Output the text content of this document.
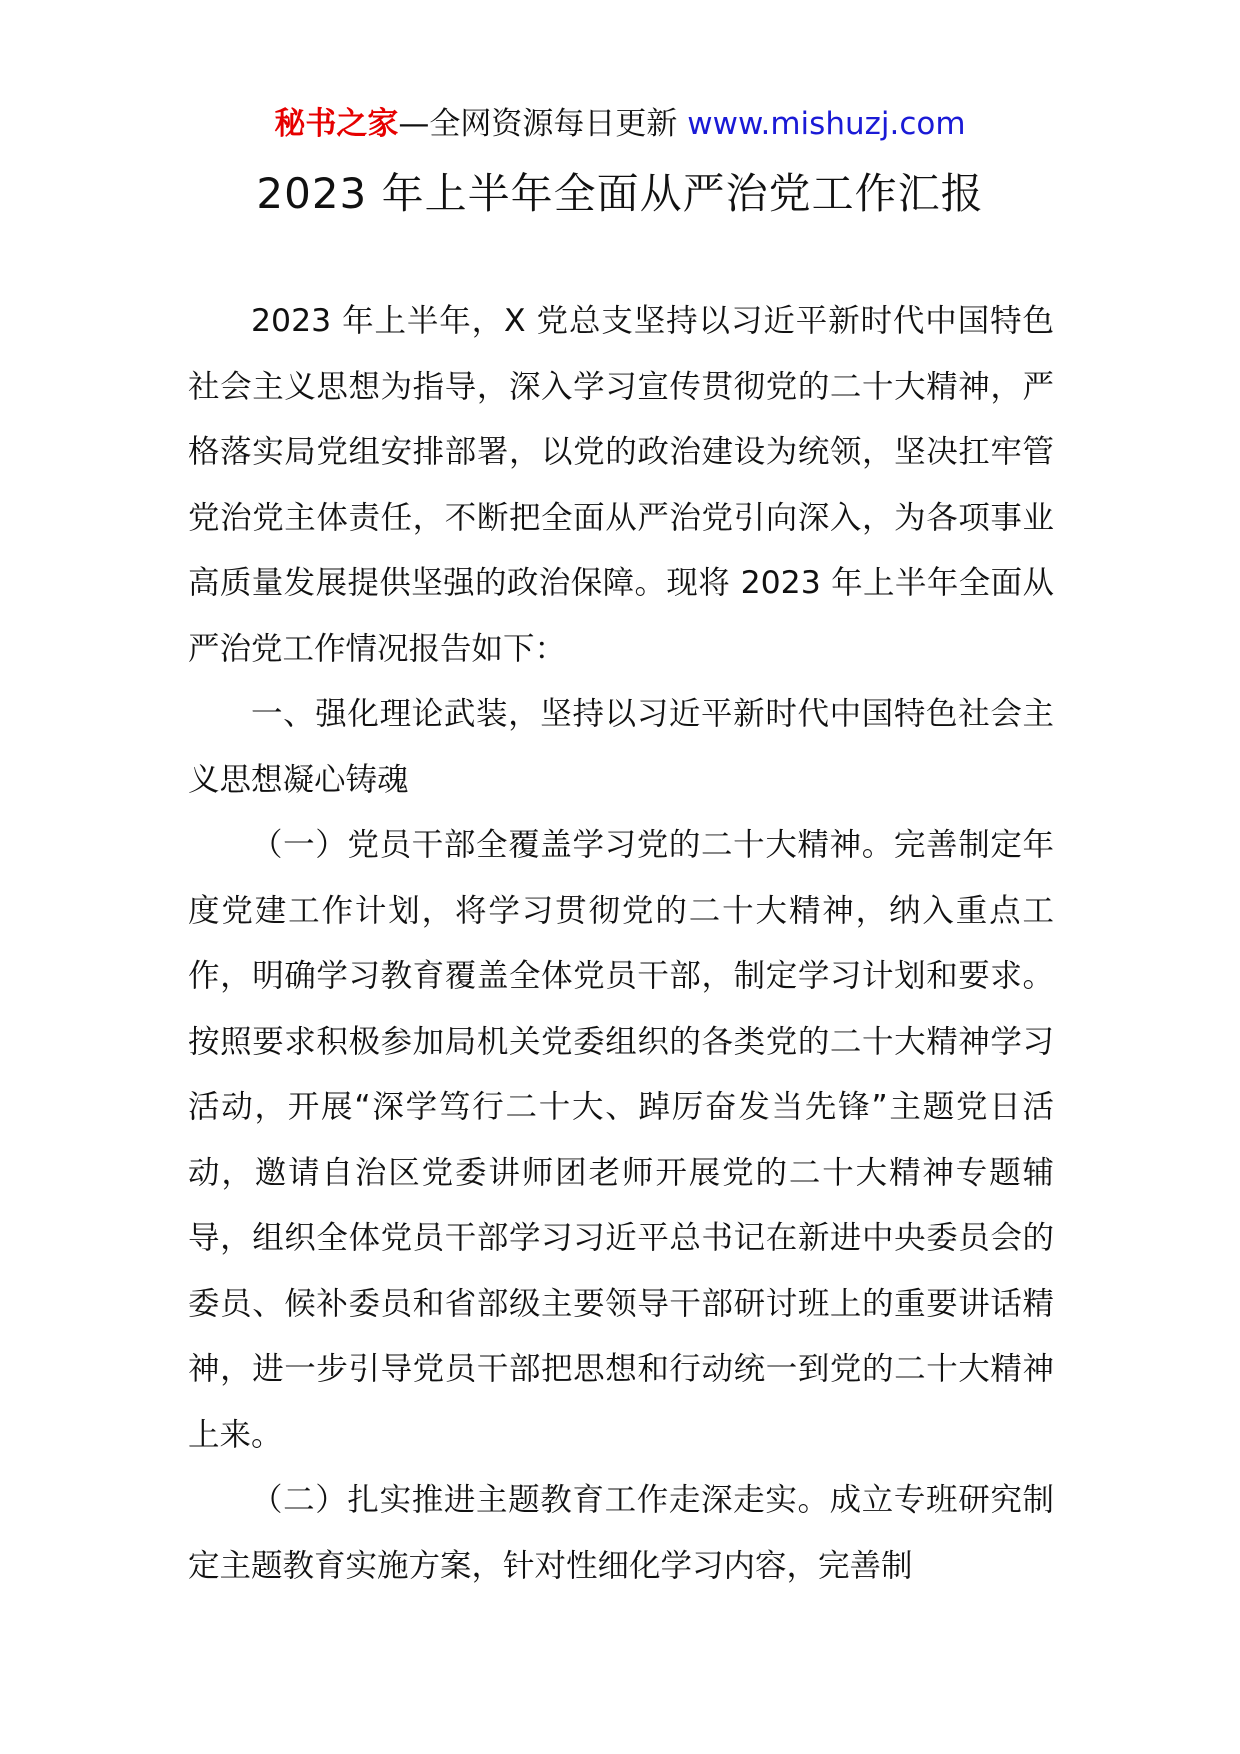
秘书之家—全网资源每日更新 www.mishuzj.com
2023 年上半年全面从严治党工作汇报

2023 年上半年，X 党总支坚持以习近平新时代中国特色社会主义思想为指导，深入学习宣传贯彻党的二十大精神，严格落实局党组安排部署，以党的政治建设为统领，坚决扛牢管党治党主体责任，不断把全面从严治党引向深入，为各项事业高质量发展提供坚强的政治保障。现将 2023 年上半年全面从严治党工作情况报告如下：

一、强化理论武装，坚持以习近平新时代中国特色社会主义思想凝心铸魂

（一）党员干部全覆盖学习党的二十大精神。完善制定年度党建工作计划，将学习贯彻党的二十大精神，纳入重点工作，明确学习教育覆盖全体党员干部，制定学习计划和要求。按照要求积极参加局机关党委组织的各类党的二十大精神学习活动，开展“深学笃行二十大、踔厉奋发当先锋”主题党日活动，邀请自治区党委讲师团老师开展党的二十大精神专题辅导，组织全体党员干部学习习近平总书记在新进中央委员会的委员、候补委员和省部级主要领导干部研讨班上的重要讲话精神，进一步引导党员干部把思想和行动统一到党的二十大精神上来。

（二）扎实推进主题教育工作走深走实。成立专班研究制定主题教育实施方案，针对性细化学习内容，完善制
